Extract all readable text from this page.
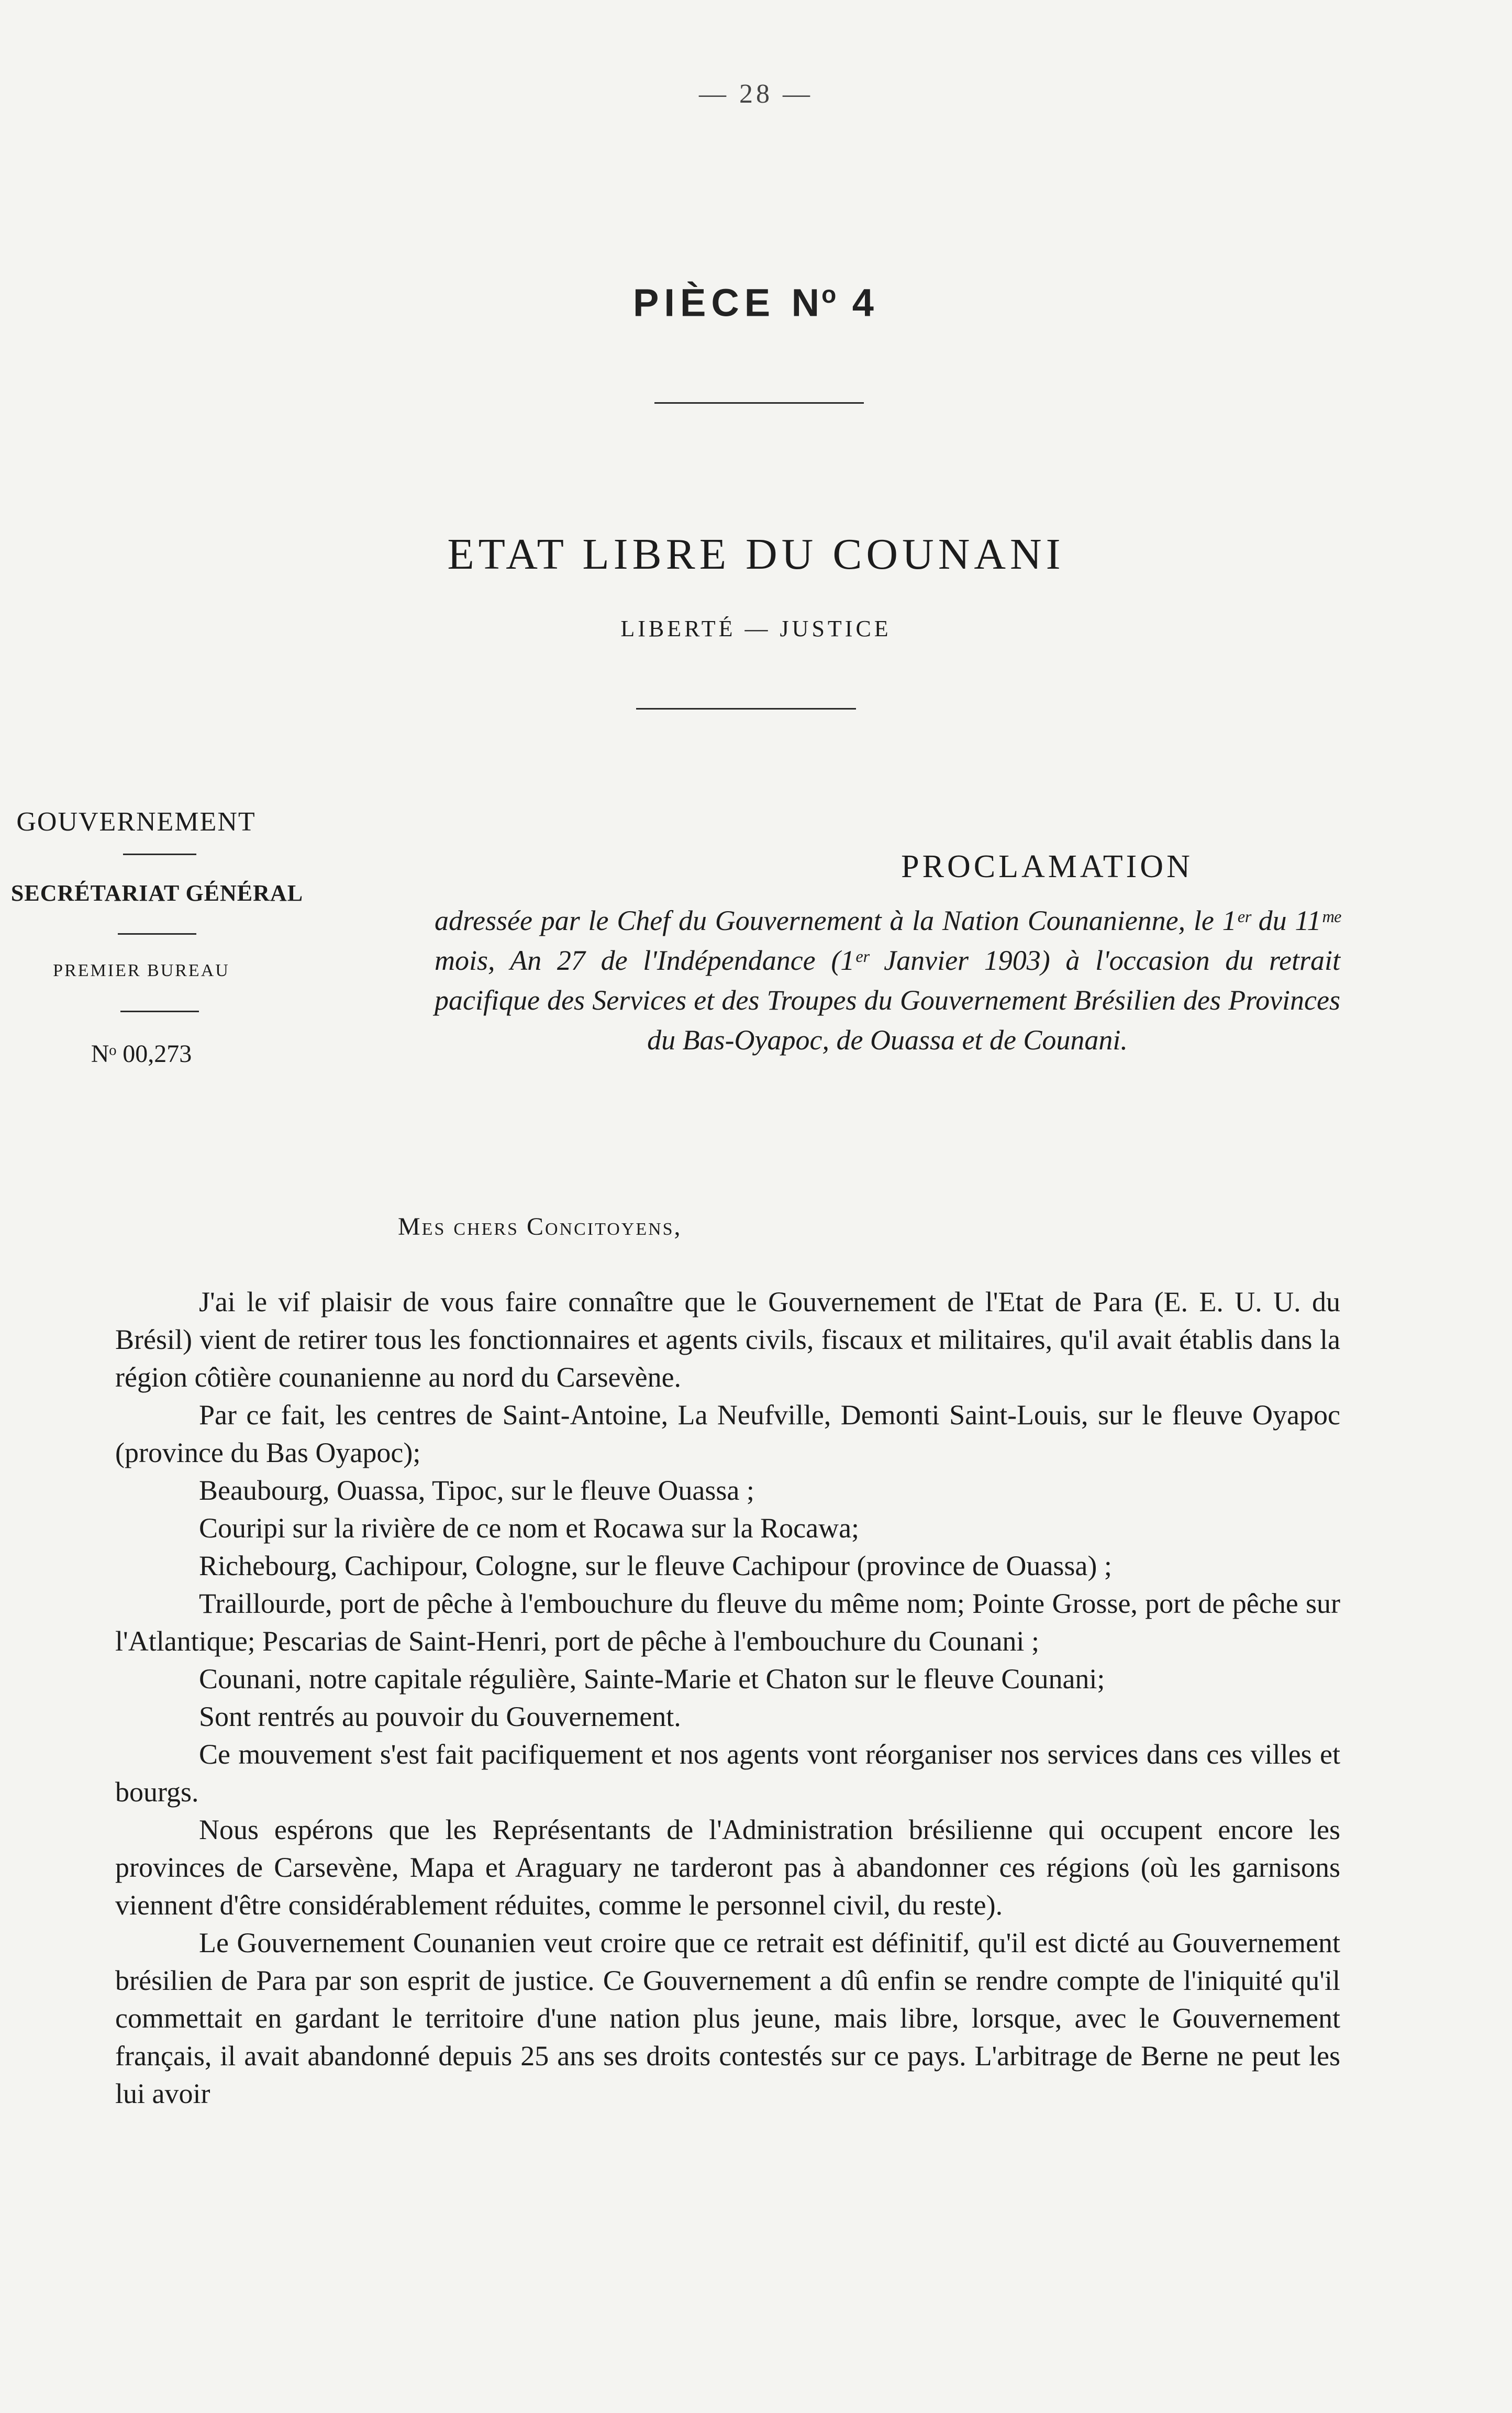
— 28 —
PIÈCE $N^o$ 4
ETAT LIBRE DU COUNANI
LIBERTÉ — JUSTICE
GOUVERNEMENT
SECRÉTARIAT GÉNÉRAL
PREMIER BUREAU
Nᵒ 00,273
PROCLAMATION
adressée par le Chef du Gouvernement à la Nation Counanienne, le 1ᵉʳ du 11ᵐᵉ mois, An 27 de l'Indépendance (1ᵉʳ Janvier 1903) à l'occasion du retrait pacifique des Services et des Troupes du Gouvernement Brésilien des Provinces du Bas-Oyapoc, de Ouassa et de Counani.
Mes chers Concitoyens,

J'ai le vif plaisir de vous faire connaître que le Gouvernement de l'Etat de Para (E. E. U. U. du Brésil) vient de retirer tous les fonctionnaires et agents civils, fiscaux et militaires, qu'il avait établis dans la région côtière counanienne au nord du Carsevène.

Par ce fait, les centres de Saint-Antoine, La Neufville, Demonti Saint-Louis, sur le fleuve Oyapoc (province du Bas Oyapoc);

Beaubourg, Ouassa, Tipoc, sur le fleuve Ouassa ;

Couripi sur la rivière de ce nom et Rocawa sur la Rocawa;

Richebourg, Cachipour, Cologne, sur le fleuve Cachipour (province de Ouassa) ;

Traillourde, port de pêche à l'embouchure du fleuve du même nom; Pointe Grosse, port de pêche sur l'Atlantique; Pescarias de Saint-Henri, port de pêche à l'embouchure du Counani ;

Counani, notre capitale régulière, Sainte-Marie et Chaton sur le fleuve Counani;

Sont rentrés au pouvoir du Gouvernement.

Ce mouvement s'est fait pacifiquement et nos agents vont réorganiser nos services dans ces villes et bourgs.

Nous espérons que les Représentants de l'Administration brésilienne qui occupent encore les provinces de Carsevène, Mapa et Araguary ne tarderont pas à abandonner ces régions (où les garnisons viennent d'être considérablement réduites, comme le personnel civil, du reste).

Le Gouvernement Counanien veut croire que ce retrait est définitif, qu'il est dicté au Gouvernement brésilien de Para par son esprit de justice. Ce Gouvernement a dû enfin se rendre compte de l'iniquité qu'il commettait en gardant le territoire d'une nation plus jeune, mais libre, lorsque, avec le Gouvernement français, il avait abandonné depuis 25 ans ses droits contestés sur ce pays. L'arbitrage de Berne ne peut les lui avoir
